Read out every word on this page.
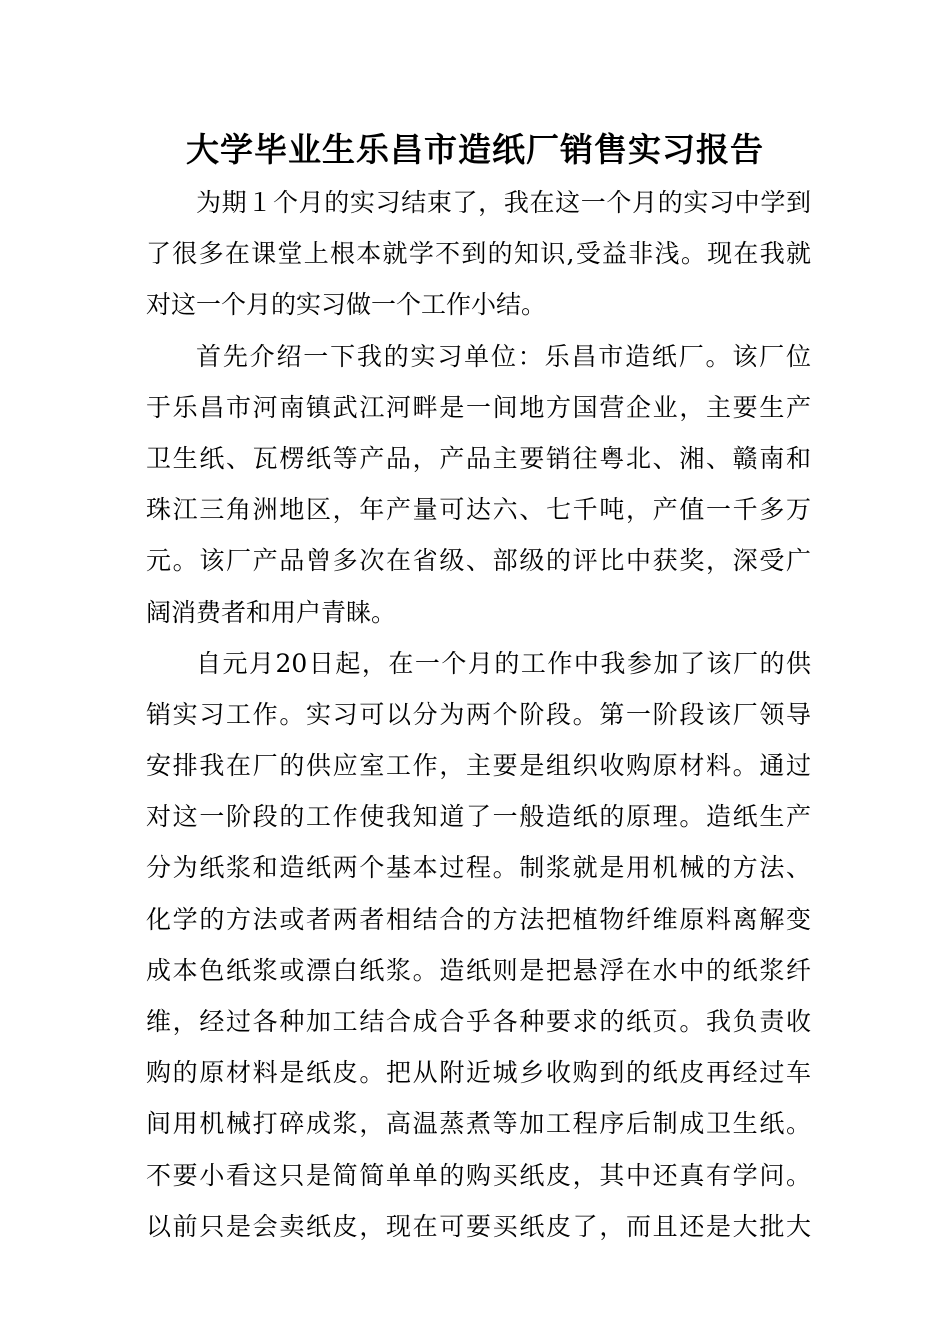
大学毕业生乐昌市造纸厂销售实习报告
为期１个月的实习结束了，我在这一个月的实习中学到
了很多在课堂上根本就学不到的知识,受益非浅。现在我就
对这一个月的实习做一个工作小结。
首先介绍一下我的实习单位：乐昌市造纸厂。该厂位
于乐昌市河南镇武江河畔是一间地方国营企业，主要生产
卫生纸、瓦楞纸等产品，产品主要销往粤北、湘、赣南和
珠江三角洲地区，年产量可达六、七千吨，产值一千多万
元。该厂产品曾多次在省级、部级的评比中获奖，深受广
阔消费者和用户青睐。
自元月20日起，在一个月的工作中我参加了该厂的供
销实习工作。实习可以分为两个阶段。第一阶段该厂领导
安排我在厂的供应室工作，主要是组织收购原材料。通过
对这一阶段的工作使我知道了一般造纸的原理。造纸生产
分为纸浆和造纸两个基本过程。制浆就是用机械的方法、
化学的方法或者两者相结合的方法把植物纤维原料离解变
成本色纸浆或漂白纸浆。造纸则是把悬浮在水中的纸浆纤
维，经过各种加工结合成合乎各种要求的纸页。我负责收
购的原材料是纸皮。把从附近城乡收购到的纸皮再经过车
间用机械打碎成浆，高温蒸煮等加工程序后制成卫生纸。
不要小看这只是简简单单的购买纸皮，其中还真有学问。
以前只是会卖纸皮，现在可要买纸皮了，而且还是大批大
